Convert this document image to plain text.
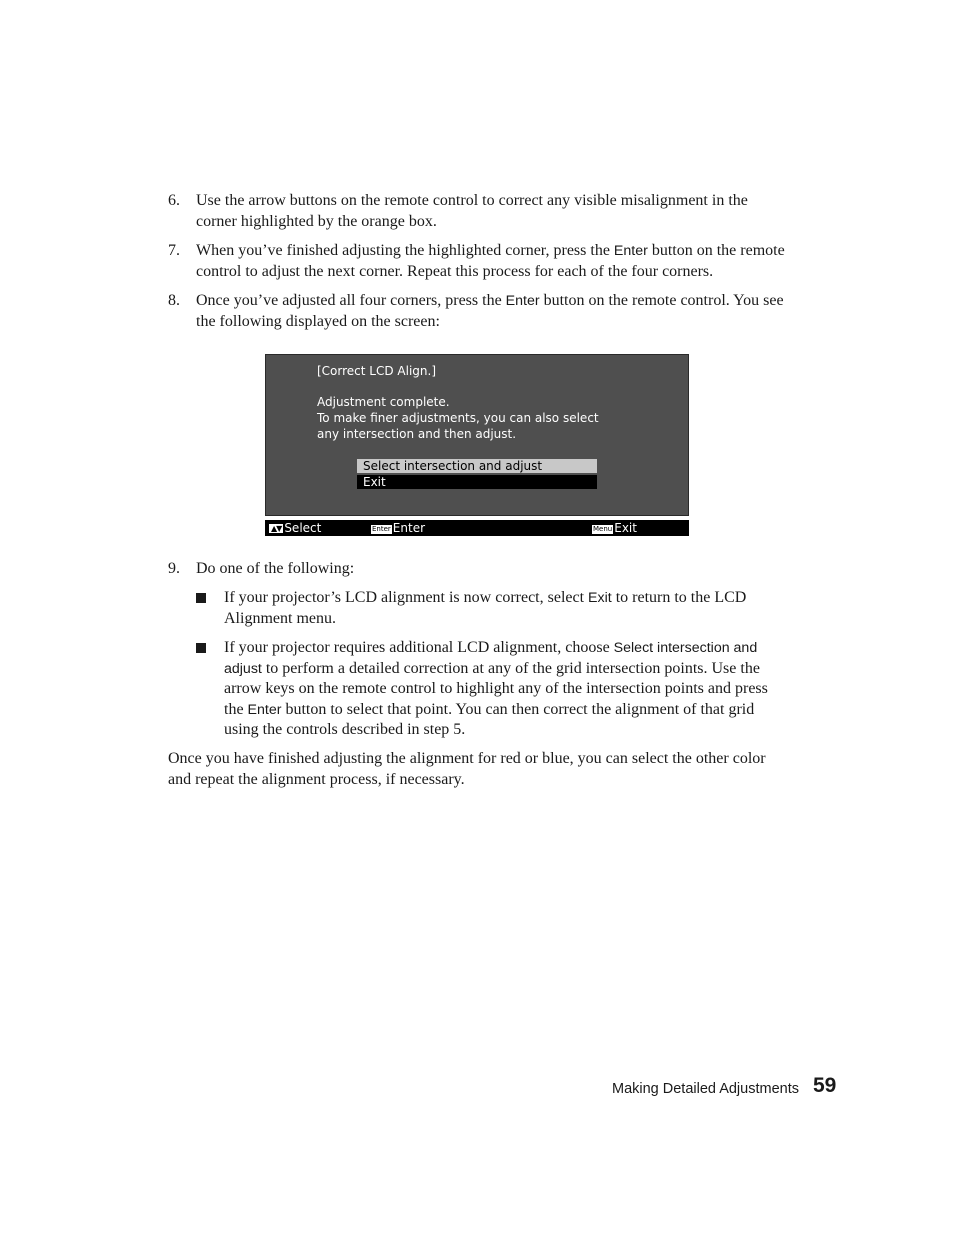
6. Use the arrow buttons on the remote control to correct any visible misalignment in the corner highlighted by the orange box.
7. When you’ve finished adjusting the highlighted corner, press the Enter button on the remote control to adjust the next corner. Repeat this process for each of the four corners.
8. Once you’ve adjusted all four corners, press the Enter button on the remote control. You see the following displayed on the screen:
[Correct LCD Align.]
Adjustment complete.
To make finer adjustments, you can also select
any intersection and then adjust.
Select intersection and adjust
Exit
▲▼ Select	Enter Enter	Menu Exit
9. Do one of the following:
If your projector’s LCD alignment is now correct, select Exit to return to the LCD Alignment menu.
If your projector requires additional LCD alignment, choose Select intersection and adjust to perform a detailed correction at any of the grid intersection points. Use the arrow keys on the remote control to highlight any of the intersection points and press the Enter button to select that point. You can then correct the alignment of that grid using the controls described in step 5.
Once you have finished adjusting the alignment for red or blue, you can select the other color and repeat the alignment process, if necessary.
Making Detailed Adjustments 59
